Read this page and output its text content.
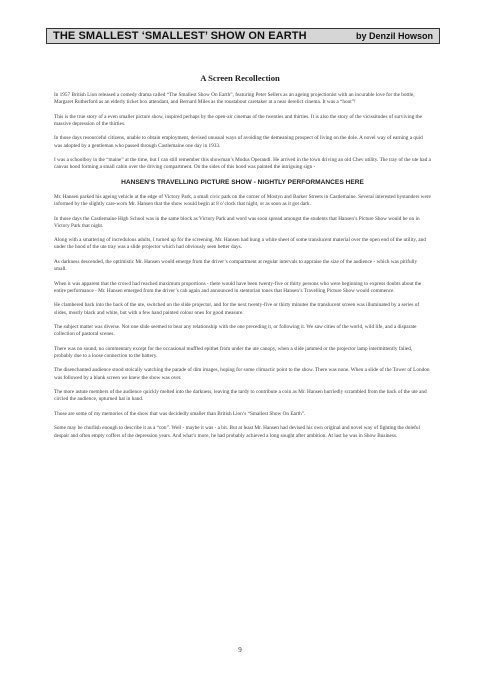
THE SMALLEST ‘SMALLEST’ SHOW ON EARTH	by Denzil Howson
A Screen Recollection

In 1957 British Lion released a comedy drama called “The Smallest Show On Earth”, featuring Peter Sellers as an ageing projectionist with an incurable love for the bottle, Margaret Rutherford as an elderly ticket box attendant, and Bernard Miles as the roustabout caretaker at a near derelict cinema. It was a “hoot”!

This is the true story of a even smaller picture show, inspired perhaps by the open-air cinemas of the twenties and thirties. It is also the story of the vicissitudes of surviving the massive depression of the thirties.

In those days resourceful citizens, unable to obtain employment, devised unusual ways of avoiding the demeaning prospect of living on the dole. A novel way of earning a quid was adopted by a gentleman who passed through Castlemaine one day in 1933.

I was a schoolboy in the “maine” at the time, but I can still remember this showman’s Modus Operandi. He arrived in the town driving an old Chev utility. The tray of the ute had a canvas hood forming a small cabin over the driving compartment. On the sides of this hood was painted the intriguing sign -

HANSEN’S TRAVELLING PICTURE SHOW - NIGHTLY PERFORMANCES HERE

Mr. Hansen parked his ageing vehicle at the edge of Victory Park, a small civic park on the corner of Mostyn and Barker Streets in Castlemaine. Several interested bystanders were informed by the slightly care-worn Mr. Hansen that the show would begin at 8 o’clock that night, or as soon as it got dark.

In those days the Castlemaine High School was in the same block as Victory Park and word was soon spread amongst the students that Hansen’s Picture Show would be on in Victory Park that night.

Along with a smattering of incredulous adults, I turned up for the screening. Mr. Hansen had hung a white sheet of some translucent material over the open end of the utility, and under the hood of the ute tray was a slide projector which had obviously seen better days.

As darkness descended, the optimistic Mr. Hansen would emerge from the driver’s compartment at regular intervals to appraise the size of the audience - which was pitifully small.

When it was apparent that the crowd had reached maximum proportions - there would have been twenty-five or thirty persons who were beginning to express doubts about the entire performance - Mr. Hansen emerged from the driver’s cab again and announced in stentorian tones that Hansen’s Travelling Picture Show would commence.

He clambered back into the back of the ute, switched on the slide projector, and for the next twenty-five or thirty minutes the translucent screen was illuminated by a series of slides, mostly black and white, but with a few hand painted colour ones for good measure.

The subject matter was diverse. Not one slide seemed to bear any relationship with the one preceding it, or following it. We saw cities of the world, wild life, and a disparate collection of pastoral scenes.

There was no sound, no commentary except for the occasional muffled epithet from under the ute canopy, when a slide jammed or the projector lamp intermittently failed, probably due to a loose connection to the battery.

The disenchanted audience stood stoically watching the parade of dim images, hoping for some climactic point to the show. There was none. When a slide of the Tower of London was followed by a blank screen we knew the show was over.

The more astute members of the audience quickly melted into the darkness, leaving the tardy to contribute a coin as Mr. Hansen hurriedly scrambled from the back of the ute and circled the audience, upturned hat in hand.

Those are some of my memories of the show that was decidedly smaller than British Lion’s “Smallest Show On Earth”.

Some may be churlish enough to describe it as a “con”. Well - maybe it was - a bit. But at least Mr. Hansen had devised his own original and novel way of fighting the doleful despair and often empty coffers of the depression years. And what’s more, he had probably achieved a long sought after ambition. At last he was in Show Business.

9
